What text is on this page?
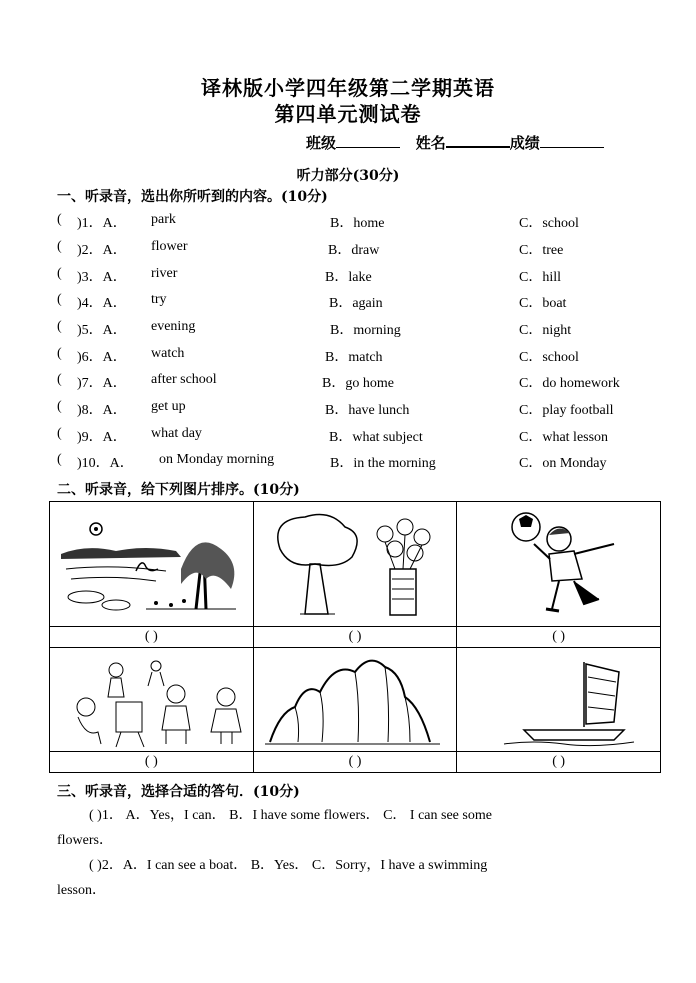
译林版小学四年级第二学期英语
第四单元测试卷
班级	姓名	成绩
听力部分(30分)
一、听录音，选出你所听到的内容。(10分)
( )1．A． park	B．home	C．school
( )2．A． flower	B．draw	C．tree
( )3．A． river	B．lake	C．hill
( )4．A． try	B．again	C．boat
( )5．A． evening	B．morning	C．night
( )6．A． watch	B．match	C．school
( )7．A． after school	B．go home	C．do homework
( )8．A． get up	B．have lunch	C．play football
( )9．A． what day	B．what subject	C．what lesson
( )10．A． on Monday morning	B．in the morning	C．on Monday
二、听录音，给下列图片排序。(10分)

( )	( )	( )

( )	( )	( )
三、听录音，选择合适的答句．(10分)
( )1． A．Yes，I can． B．I have some flowers． C． I can see some
flowers．
( )2．A．I can see a boat． B．Yes． C．Sorry，I have a swimming
lesson．
